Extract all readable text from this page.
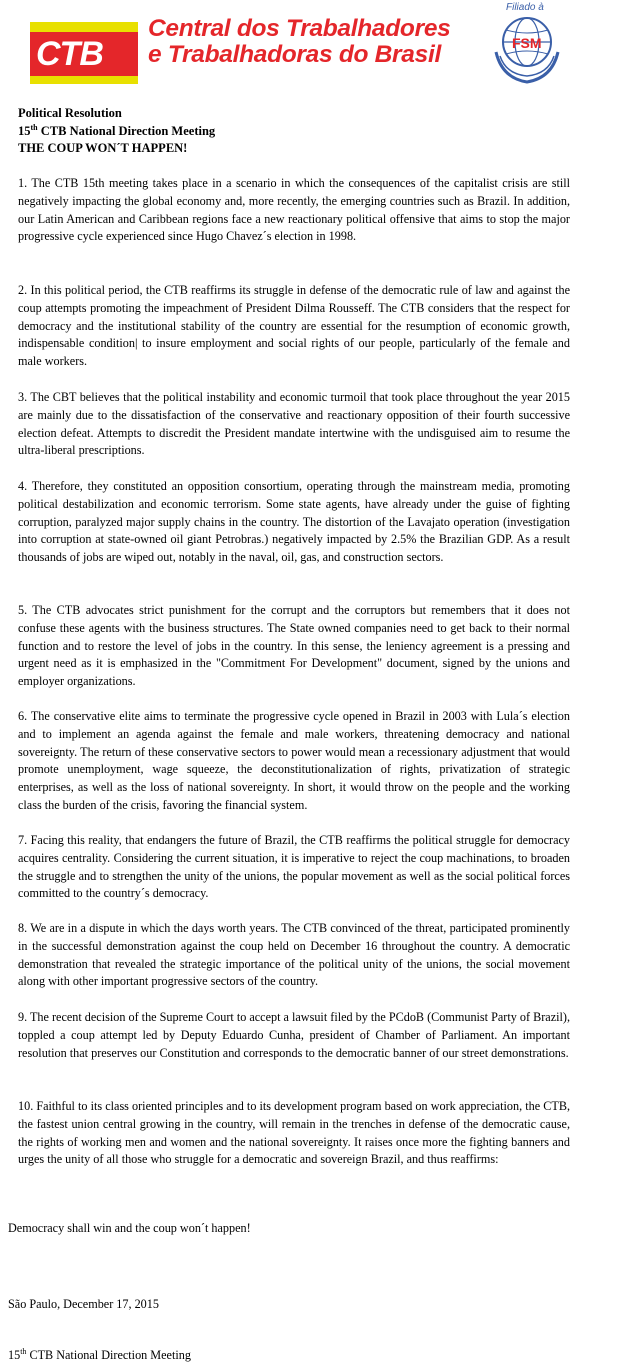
CTB
Central dos Trabalhadores
e Trabalhadoras do Brasil
Filiado à
FSM
Political Resolution
15th CTB National Direction Meeting
THE COUP WON´T HAPPEN!

1. The CTB 15th meeting takes place in a scenario in which the consequences of the capitalist crisis are still negatively impacting the global economy and, more recently, the emerging countries such as Brazil. In addition, our Latin American and Caribbean regions face a new reactionary political offensive that aims to stop the major progressive cycle experienced since Hugo Chavez´s election in 1998.

2. In this political period, the CTB reaffirms its struggle in defense of the democratic rule of law and against the coup attempts promoting the impeachment of President Dilma Rousseff. The CTB considers that the respect for democracy and the institutional stability of the country are essential for the resumption of economic growth, indispensable condition| to insure employment and social rights of our people, particularly of the female and male workers.

3. The CBT believes that the political instability and economic turmoil that took place throughout the year 2015 are mainly due to the dissatisfaction of the conservative and reactionary opposition of their fourth successive election defeat. Attempts to discredit the President mandate intertwine with the undisguised aim to resume the ultra-liberal prescriptions.

4. Therefore, they constituted an opposition consortium, operating through the mainstream media, promoting political destabilization and economic terrorism. Some state agents, have already under the guise of fighting corruption, paralyzed major supply chains in the country. The distortion of the Lavajato operation (investigation into corruption at state-owned oil giant Petrobras.) negatively impacted by 2.5% the Brazilian GDP. As a result thousands of jobs are wiped out, notably in the naval, oil, gas, and construction sectors.

5. The CTB advocates strict punishment for the corrupt and the corruptors but remembers that it does not confuse these agents with the business structures. The State owned companies need to get back to their normal function and to restore the level of jobs in the country. In this sense, the leniency agreement is a pressing and urgent need as it is emphasized in the "Commitment For Development" document, signed by the unions and employer organizations.

6. The conservative elite aims to terminate the progressive cycle opened in Brazil in 2003 with Lula´s election and to implement an agenda against the female and male workers, threatening democracy and national sovereignty. The return of these conservative sectors to power would mean a recessionary adjustment that would promote unemployment, wage squeeze, the deconstitutionalization of rights, privatization of strategic enterprises, as well as the loss of national sovereignty. In short, it would throw on the people and the working class the burden of the crisis, favoring the financial system.

7. Facing this reality, that endangers the future of Brazil, the CTB reaffirms the political struggle for democracy acquires centrality. Considering the current situation, it is imperative to reject the coup machinations, to broaden the struggle and to strengthen the unity of the unions, the popular movement as well as the social political forces committed to the country´s democracy.

8. We are in a dispute in which the days worth years. The CTB convinced of the threat, participated prominently in the successful demonstration against the coup held on December 16 throughout the country. A democratic demonstration that revealed the strategic importance of the political unity of the unions, the social movement along with other important progressive sectors of the country.

9. The recent decision of the Supreme Court to accept a lawsuit filed by the PCdoB (Communist Party of Brazil), toppled a coup attempt led by Deputy Eduardo Cunha, president of Chamber of Parliament. An important resolution that preserves our Constitution and corresponds to the democratic banner of our street demonstrations.

10. Faithful to its class oriented principles and to its development program based on work appreciation, the CTB, the fastest union central growing in the country, will remain in the trenches in defense of the democratic cause, the rights of working men and women and the national sovereignty. It raises once more the fighting banners and urges the unity of all those who struggle for a democratic and sovereign Brazil, and thus reaffirms:

Democracy shall win and the coup won´t happen!
São Paulo, December 17, 2015
15th CTB National Direction Meeting
